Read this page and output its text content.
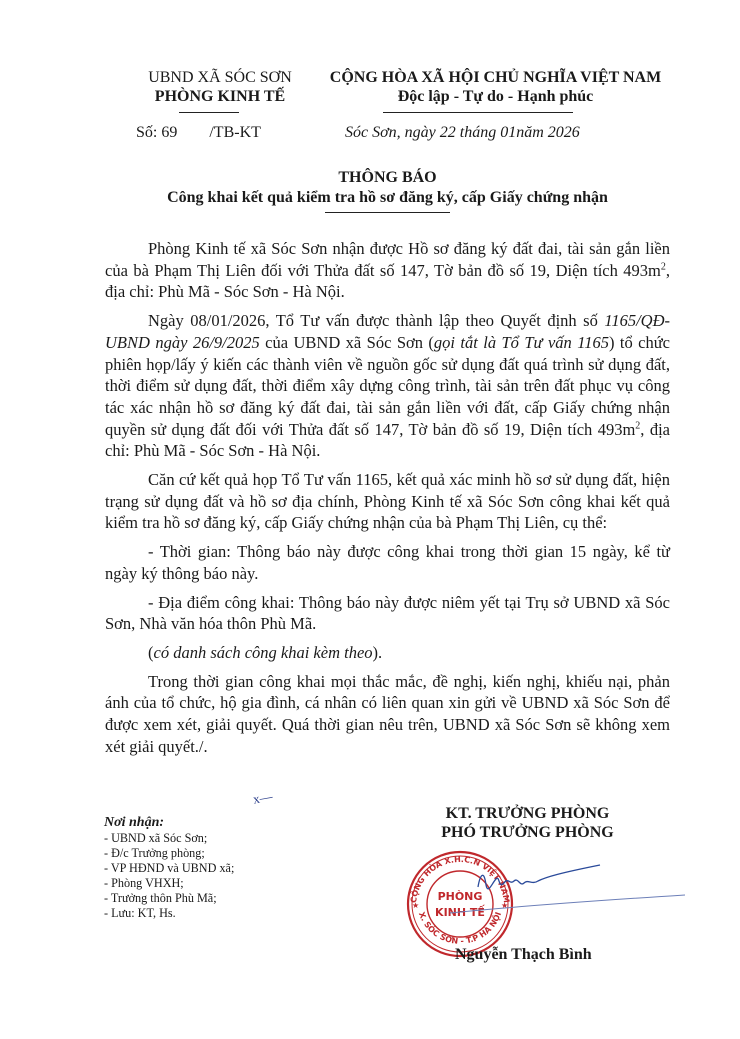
UBND XÃ SÓC SƠN
PHÒNG KINH TẾ
CỘNG HÒA XÃ HỘI CHỦ NGHĨA VIỆT NAM
Độc lập - Tự do - Hạnh phúc
Số: 69 /TB-KT	Sóc Sơn, ngày 22 tháng 01năm 2026
THÔNG BÁO
Công khai kết quả kiểm tra hồ sơ đăng ký, cấp Giấy chứng nhận

Phòng Kinh tế xã Sóc Sơn nhận được Hồ sơ đăng ký đất đai, tài sản gắn liền của bà Phạm Thị Liên đối với Thửa đất số 147, Tờ bản đồ số 19, Diện tích $493m^2$, địa chỉ: Phù Mã - Sóc Sơn - Hà Nội.

Ngày 08/01/2026, Tổ Tư vấn được thành lập theo Quyết định số 1165/QĐ-UBND ngày 26/9/2025 của UBND xã Sóc Sơn (gọi tắt là Tổ Tư vấn 1165) tổ chức phiên họp/lấy ý kiến các thành viên về nguồn gốc sử dụng đất quá trình sử dụng đất, thời điểm sử dụng đất, thời điểm xây dựng công trình, tài sản trên đất phục vụ công tác xác nhận hồ sơ đăng ký đất đai, tài sản gắn liền với đất, cấp Giấy chứng nhận quyền sử dụng đất đối với Thửa đất số 147, Tờ bản đồ số 19, Diện tích $493m^2$, địa chỉ: Phù Mã - Sóc Sơn - Hà Nội.

Căn cứ kết quả họp Tổ Tư vấn 1165, kết quả xác minh hồ sơ sử dụng đất, hiện trạng sử dụng đất và hồ sơ địa chính, Phòng Kinh tế xã Sóc Sơn công khai kết quả kiểm tra hồ sơ đăng ký, cấp Giấy chứng nhận của bà Phạm Thị Liên, cụ thể:

- Thời gian: Thông báo này được công khai trong thời gian 15 ngày, kể từ ngày ký thông báo này.

- Địa điểm công khai: Thông báo này được niêm yết tại Trụ sở UBND xã Sóc Sơn, Nhà văn hóa thôn Phù Mã.

(có danh sách công khai kèm theo).

Trong thời gian công khai mọi thắc mắc, đề nghị, kiến nghị, khiếu nại, phản ánh của tổ chức, hộ gia đình, cá nhân có liên quan xin gửi về UBND xã Sóc Sơn để được xem xét, giải quyết. Quá thời gian nêu trên, UBND xã Sóc Sơn sẽ không xem xét giải quyết./.

x—
Nơi nhận:
- UBND xã Sóc Sơn;
- Đ/c Trưởng phòng;
- VP HĐND và UBND xã;
- Phòng VHXH;
- Trưởng thôn Phù Mã;
- Lưu: KT, Hs.
KT. TRƯỞNG PHÒNG
PHÓ TRƯỞNG PHÒNG
CỘNG HÒA X.H.C.N VIỆT NAM
X. SÓC SƠN - T.P HÀ NỘI
★	★
PHÒNG
KINH TẾ
Nguyễn Thạch Bình
